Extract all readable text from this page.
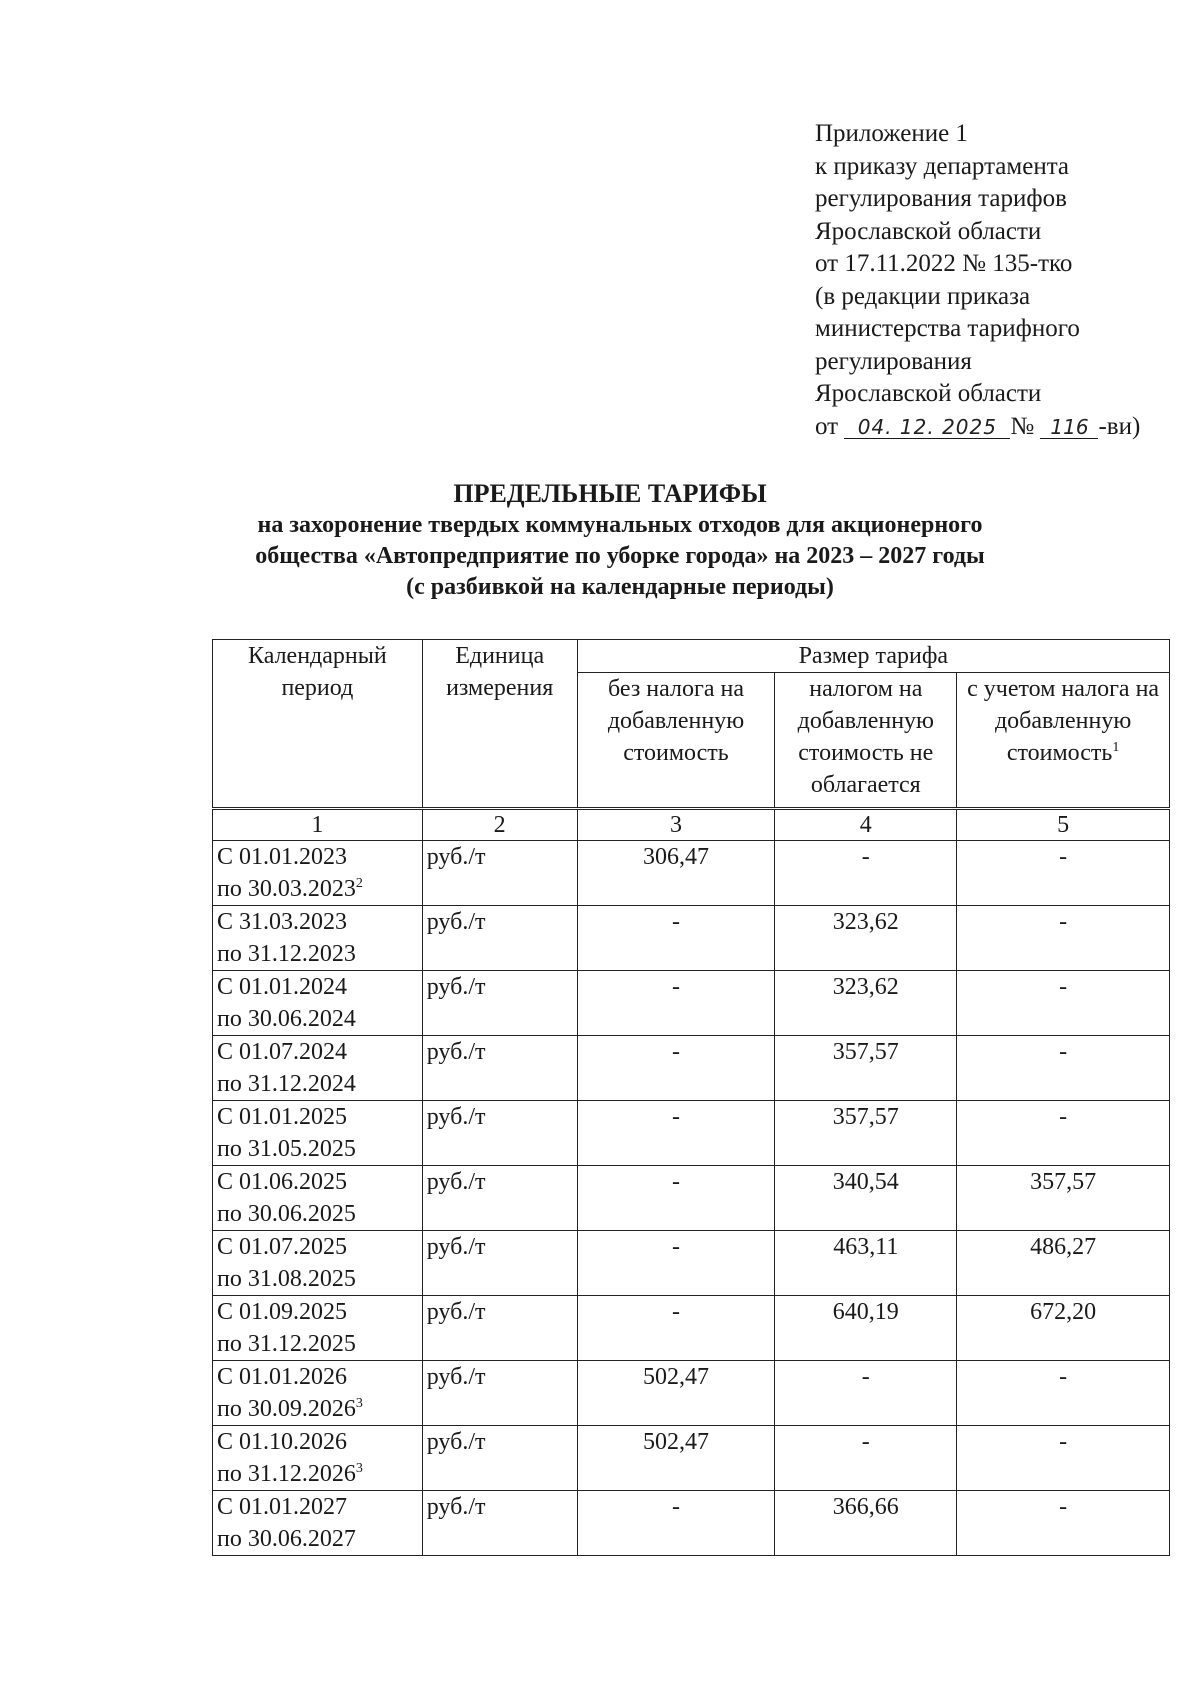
Приложение 1
к приказу департамента
регулирования тарифов
Ярославской области
от 17.11.2022 № 135-тко
(в редакции приказа
министерства тарифного
регулирования
Ярославской области
от 04. 12. 2025 № 116 -ви)
ПРЕДЕЛЬНЫЕ ТАРИФЫ
на захоронение твердых коммунальных отходов для акционерного
общества «Автопредприятие по уборке города» на 2023 – 2027 годы
(с разбивкой на календарные периоды)
Календарный период	Единица измерения	Размер тарифа		
		без налога на добавленную стоимость	налогом на добавленную стоимость не облагается	с учетом налога на добавленную стоимость$^1$
1	2	3	4	5

С 01.01.2023
по 30.03.2023$^2$	руб./т	306,47	-	-

С 31.03.2023
по 31.12.2023	руб./т	-	323,62	-

С 01.01.2024
по 30.06.2024	руб./т	-	323,62	-

С 01.07.2024
по 31.12.2024	руб./т	-	357,57	-

С 01.01.2025
по 31.05.2025	руб./т	-	357,57	-

С 01.06.2025
по 30.06.2025	руб./т	-	340,54	357,57

С 01.07.2025
по 31.08.2025	руб./т	-	463,11	486,27

С 01.09.2025
по 31.12.2025	руб./т	-	640,19	672,20

С 01.01.2026
по 30.09.2026$^3$	руб./т	502,47	-	-

С 01.10.2026
по 31.12.2026$^3$	руб./т	502,47	-	-

С 01.01.2027
по 30.06.2027	руб./т	-	366,66	-
